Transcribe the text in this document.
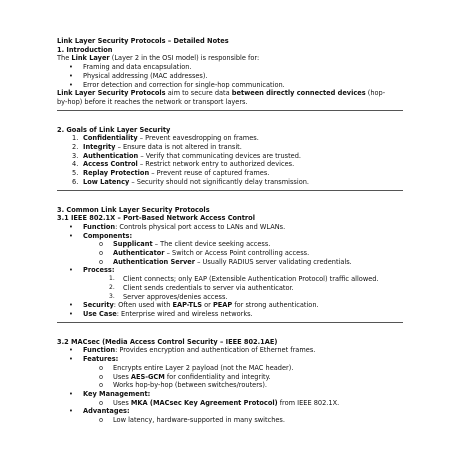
Link Layer Security Protocols – Detailed Notes
1. Introduction
The Link Layer (Layer 2 in the OSI model) is responsible for:
•
Framing and data encapsulation.
•
Physical addressing (MAC addresses).
•
Error detection and correction for single-hop communication.
Link Layer Security Protocols aim to secure data between directly connected devices (hop-
by-hop) before it reaches the network or transport layers.
2. Goals of Link Layer Security
1. Confidentiality – Prevent eavesdropping on frames.
2. Integrity – Ensure data is not altered in transit.
3. Authentication – Verify that communicating devices are trusted.
4. Access Control – Restrict network entry to authorized devices.
5. Replay Protection – Prevent reuse of captured frames.
6. Low Latency – Security should not significantly delay transmission.
3. Common Link Layer Security Protocols
3.1 IEEE 802.1X – Port-Based Network Access Control
•
Function: Controls physical port access to LANs and WLANs.
•
Components:
o Supplicant – The client device seeking access.
o Authenticator – Switch or Access Point controlling access.
o Authentication Server – Usually RADIUS server validating credentials.
•
Process:
1. Client connects; only EAP (Extensible Authentication Protocol) traffic allowed.
2. Client sends credentials to server via authenticator.
3. Server approves/denies access.
•
Security: Often used with EAP-TLS or PEAP for strong authentication.
•
Use Case: Enterprise wired and wireless networks.
3.2 MACsec (Media Access Control Security – IEEE 802.1AE)
•
Function: Provides encryption and authentication of Ethernet frames.
•
Features:
o Encrypts entire Layer 2 payload (not the MAC header).
o Uses AES-GCM for confidentiality and integrity.
o Works hop-by-hop (between switches/routers).
•
Key Management:
o Uses MKA (MACsec Key Agreement Protocol) from IEEE 802.1X.
•
Advantages:
o Low latency, hardware-supported in many switches.
